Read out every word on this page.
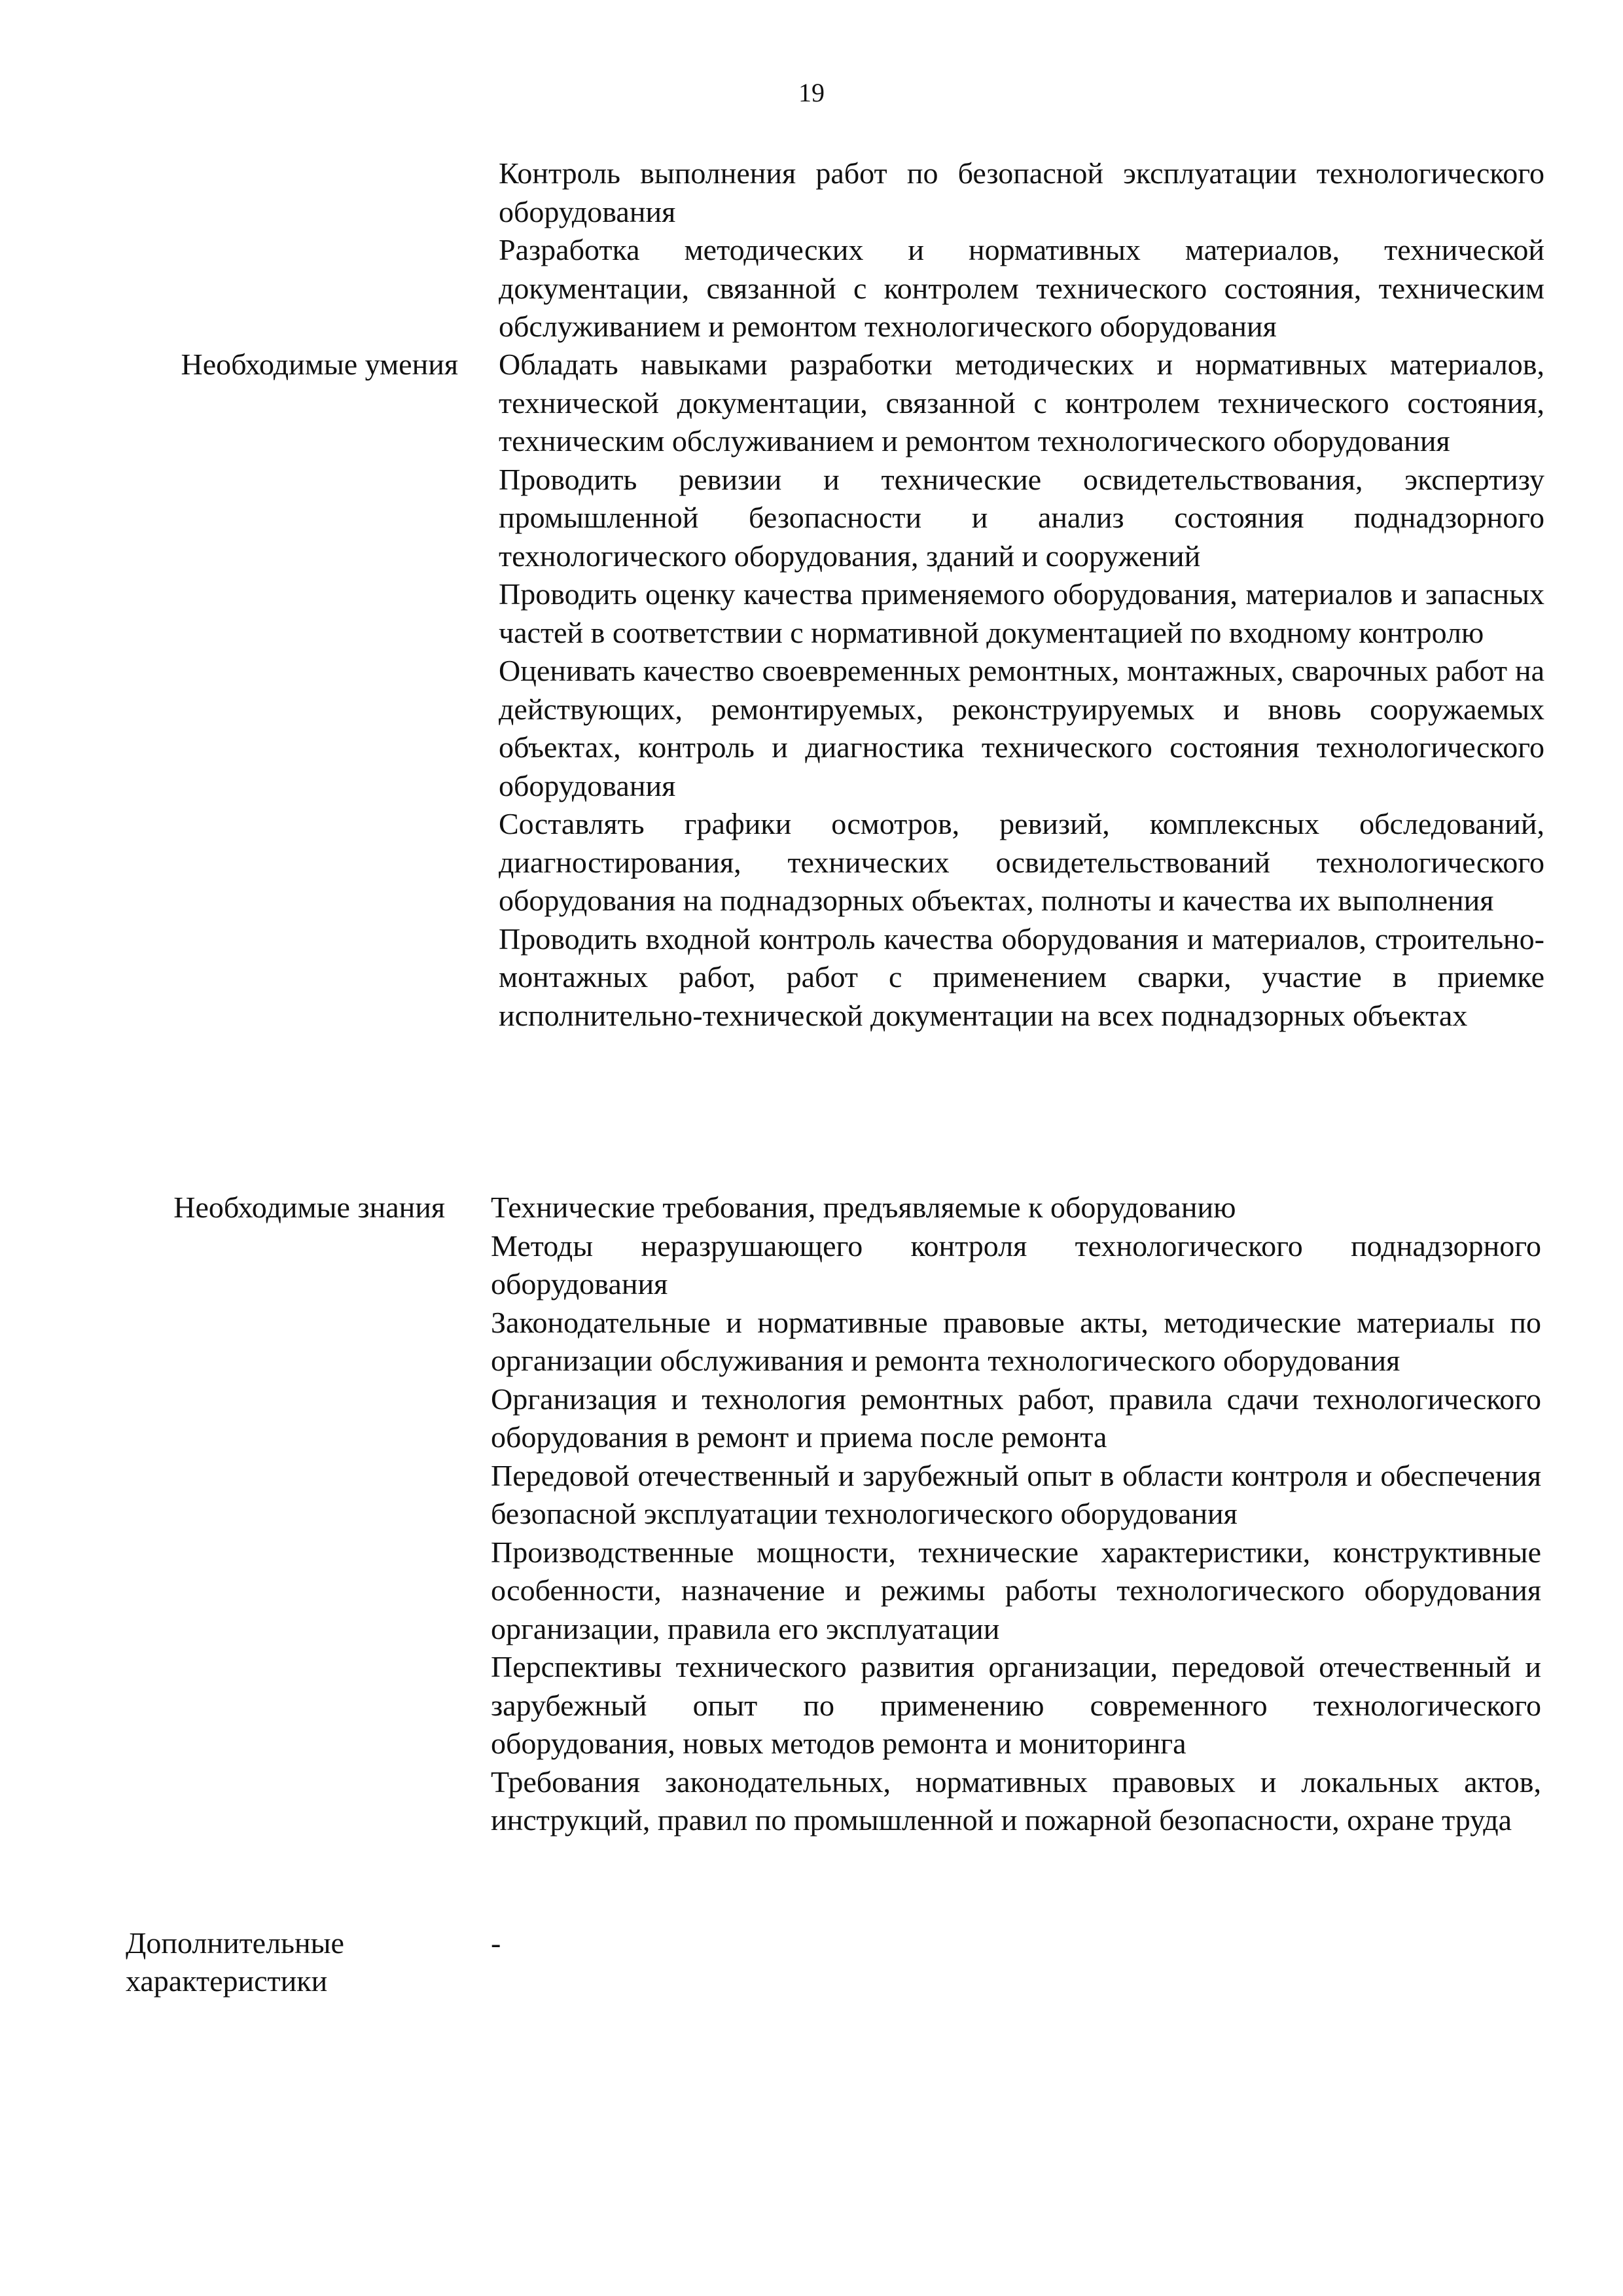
19

Контроль выполнения работ по безопасной эксплуатации технологического оборудования

Разработка методических и нормативных материалов, технической документации, связанной с контролем технического состояния, техническим обслуживанием и ремонтом технологического оборудования

Необходимые умения Обладать навыками разработки методических и нормативных материалов, технической документации, связанной с контролем технического состояния, техническим обслуживанием и ремонтом технологического оборудования

Проводить ревизии и технические освидетельствования, экспертизу промышленной безопасности и анализ состояния поднадзорного технологического оборудования, зданий и сооружений

Проводить оценку качества применяемого оборудования, материалов и запасных частей в соответствии с нормативной документацией по входному контролю

Оценивать качество своевременных ремонтных, монтажных, сварочных работ на действующих, ремонтируемых, реконструируемых и вновь сооружаемых объектах, контроль и диагностика технического состояния технологического оборудования

Составлять графики осмотров, ревизий, комплексных обследований, диагностирования, технических освидетельствований технологического оборудования на поднадзорных объектах, полноты и качества их выполнения

Проводить входной контроль качества оборудования и материалов, строительно-монтажных работ, работ с применением сварки, участие в приемке исполнительно-технической документации на всех поднадзорных объектах

Необходимые знания Технические требования, предъявляемые к оборудованию

Методы неразрушающего контроля технологического поднадзорного оборудования

Законодательные и нормативные правовые акты, методические материалы по организации обслуживания и ремонта технологического оборудования

Организация и технология ремонтных работ, правила сдачи технологического оборудования в ремонт и приема после ремонта

Передовой отечественный и зарубежный опыт в области контроля и обеспечения безопасной эксплуатации технологического оборудования

Производственные мощности, технические характеристики, конструктивные особенности, назначение и режимы работы технологического оборудования организации, правила его эксплуатации

Перспективы технического развития организации, передовой отечественный и зарубежный опыт по применению современного технологического оборудования, новых методов ремонта и мониторинга

Требования законодательных, нормативных правовых и локальных актов, инструкций, правил по промышленной и пожарной безопасности, охране труда

Дополнительные характеристики

-
